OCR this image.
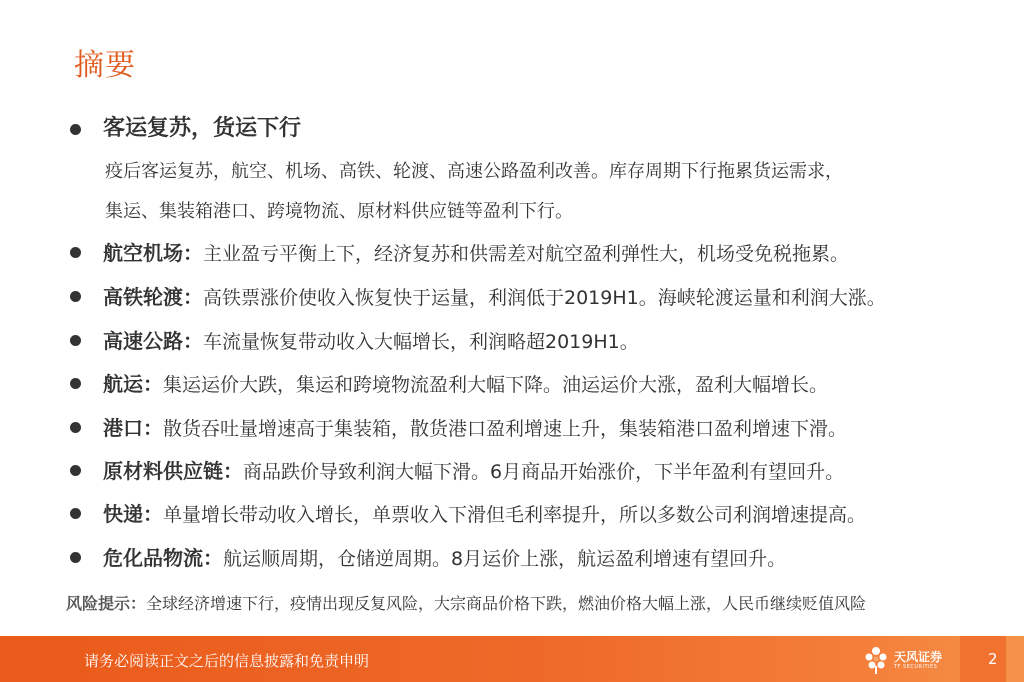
摘要
客运复苏，货运下行
疫后客运复苏，航空、机场、高铁、轮渡、高速公路盈利改善。库存周期下行拖累货运需求，
集运、集装箱港口、跨境物流、原材料供应链等盈利下行。
航空机场：主业盈亏平衡上下，经济复苏和供需差对航空盈利弹性大，机场受免税拖累。
高铁轮渡：高铁票涨价使收入恢复快于运量，利润低于2019H1。海峡轮渡运量和利润大涨。
高速公路：车流量恢复带动收入大幅增长，利润略超2019H1。
航运：集运运价大跌，集运和跨境物流盈利大幅下降。油运运价大涨，盈利大幅增长。
港口：散货吞吐量增速高于集装箱，散货港口盈利增速上升，集装箱港口盈利增速下滑。
原材料供应链：商品跌价导致利润大幅下滑。6月商品开始涨价，下半年盈利有望回升。
快递：单量增长带动收入增长，单票收入下滑但毛利率提升，所以多数公司利润增速提高。
危化品物流：航运顺周期，仓储逆周期。8月运价上涨，航运盈利增速有望回升。
风险提示：全球经济增速下行，疫情出现反复风险，大宗商品价格下跌，燃油价格大幅上涨，人民币继续贬值风险
请务必阅读正文之后的信息披露和免责申明	天风证券
TF SECURITIES	2
